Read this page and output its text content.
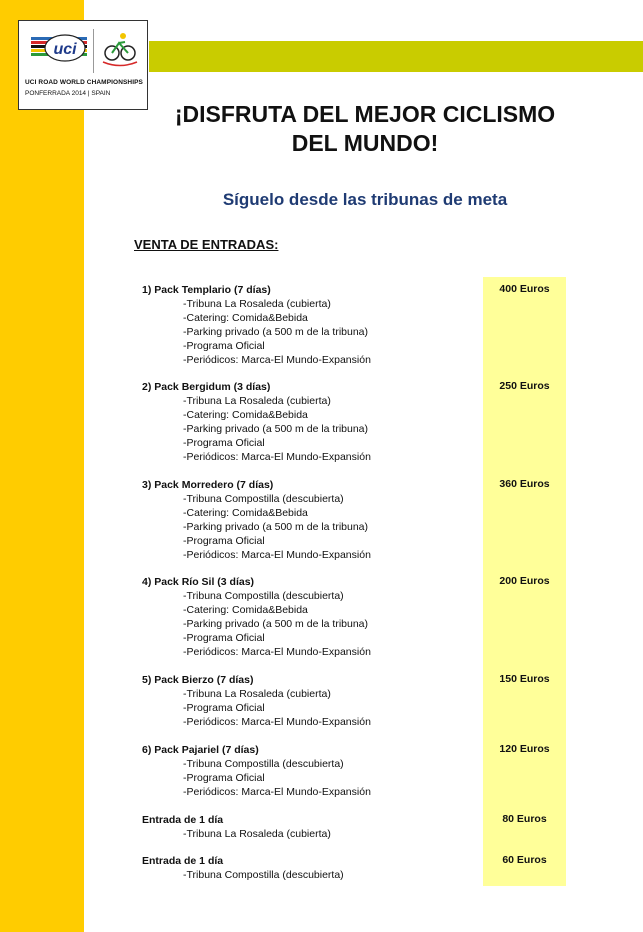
uci
UCI ROAD WORLD CHAMPIONSHIPS
PONFERRADA 2014 | SPAIN
¡DISFRUTA DEL MEJOR CICLISMO
DEL MUNDO!
Síguelo desde las tribunas de meta
VENTA DE ENTRADAS:
1) Pack Templario (7 días)
-Tribuna La Rosaleda (cubierta)
-Catering: Comida&Bebida
-Parking privado (a 500 m de la tribuna)
-Programa Oficial
-Periódicos: Marca-El Mundo-Expansión
400 Euros
2) Pack Bergidum (3 días)
-Tribuna La Rosaleda (cubierta)
-Catering: Comida&Bebida
-Parking privado (a 500 m de la tribuna)
-Programa Oficial
-Periódicos: Marca-El Mundo-Expansión
250 Euros
3) Pack Morredero (7 días)
-Tribuna Compostilla (descubierta)
-Catering: Comida&Bebida
-Parking privado (a 500 m de la tribuna)
-Programa Oficial
-Periódicos: Marca-El Mundo-Expansión
360 Euros
4) Pack Río Sil (3 días)
-Tribuna Compostilla (descubierta)
-Catering: Comida&Bebida
-Parking privado (a 500 m de la tribuna)
-Programa Oficial
-Periódicos: Marca-El Mundo-Expansión
200 Euros
5) Pack Bierzo (7 días)
-Tribuna La Rosaleda (cubierta)
-Programa Oficial
-Periódicos: Marca-El Mundo-Expansión
150 Euros
6) Pack Pajariel (7 días)
-Tribuna Compostilla (descubierta)
-Programa Oficial
-Periódicos: Marca-El Mundo-Expansión
120 Euros
Entrada de 1 día
-Tribuna La Rosaleda (cubierta)
80 Euros
Entrada de 1 día
-Tribuna Compostilla (descubierta)
60 Euros
